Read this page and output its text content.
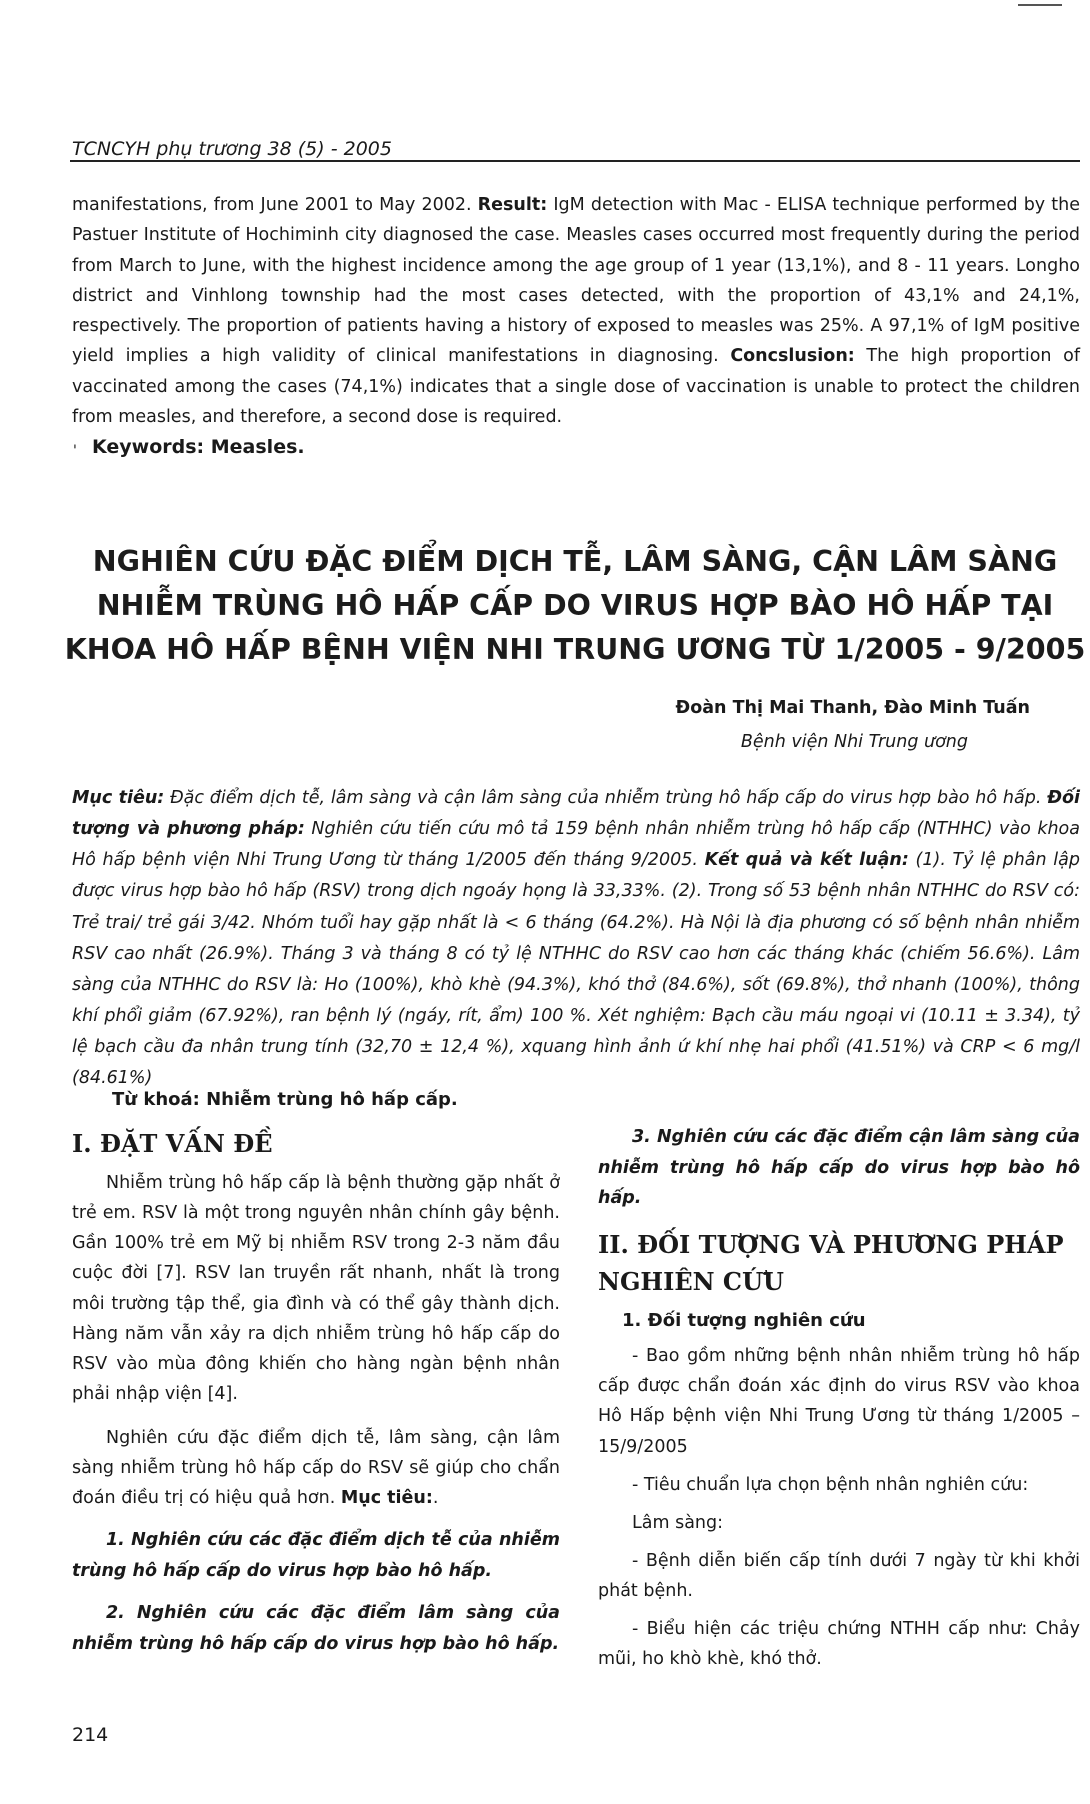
TCNCYH phụ trương 38 (5) - 2005
manifestations, from June 2001 to May 2002. Result: IgM detection with Mac - ELISA technique performed by the Pastuer Institute of Hochiminh city diagnosed the case. Measles cases occurred most frequently during the period from March to June, with the highest incidence among the age group of 1 year (13,1%), and 8 - 11 years. Longho district and Vinhlong township had the most cases detected, with the proportion of 43,1% and 24,1%, respectively. The proportion of patients having a history of exposed to measles was 25%. A 97,1% of IgM positive yield implies a high validity of clinical manifestations in diagnosing. Concslusion: The high proportion of vaccinated among the cases (74,1%) indicates that a single dose of vaccination is unable to protect the children from measles, and therefore, a second dose is required.
' Keywords: Measles.
NGHIÊN CỨU ĐẶC ĐIỂM DỊCH TỄ, LÂM SÀNG, CẬN LÂM SÀNG NHIỄM TRÙNG HÔ HẤP CẤP DO VIRUS HỢP BÀO HÔ HẤP TẠI KHOA HÔ HẤP BỆNH VIỆN NHI TRUNG ƯƠNG TỪ 1/2005 - 9/2005
Đoàn Thị Mai Thanh, Đào Minh Tuấn
Bệnh viện Nhi Trung ương
Mục tiêu: Đặc điểm dịch tễ, lâm sàng và cận lâm sàng của nhiễm trùng hô hấp cấp do virus hợp bào hô hấp. Đối tượng và phương pháp: Nghiên cứu tiến cứu mô tả 159 bệnh nhân nhiễm trùng hô hấp cấp (NTHHC) vào khoa Hô hấp bệnh viện Nhi Trung Ương từ tháng 1/2005 đến tháng 9/2005. Kết quả và kết luận: (1). Tỷ lệ phân lập được virus hợp bào hô hấp (RSV) trong dịch ngoáy họng là 33,33%. (2). Trong số 53 bệnh nhân NTHHC do RSV có: Trẻ trai/ trẻ gái 3/42. Nhóm tuổi hay gặp nhất là < 6 tháng (64.2%). Hà Nội là địa phương có số bệnh nhân nhiễm RSV cao nhất (26.9%). Tháng 3 và tháng 8 có tỷ lệ NTHHC do RSV cao hơn các tháng khác (chiếm 56.6%). Lâm sàng của NTHHC do RSV là: Ho (100%), khò khè (94.3%), khó thở (84.6%), sốt (69.8%), thở nhanh (100%), thông khí phổi giảm (67.92%), ran bệnh lý (ngáy, rít, ẩm) 100 %. Xét nghiệm: Bạch cầu máu ngoại vi (10.11 ± 3.34), tỷ lệ bạch cầu đa nhân trung tính (32,70 ± 12,4 %), xquang hình ảnh ứ khí nhẹ hai phổi (41.51%) và CRP < 6 mg/l (84.61%)
Từ khoá: Nhiễm trùng hô hấp cấp.
I. ĐẶT VẤN ĐỀ

Nhiễm trùng hô hấp cấp là bệnh thường gặp nhất ở trẻ em. RSV là một trong nguyên nhân chính gây bệnh. Gần 100% trẻ em Mỹ bị nhiễm RSV trong 2-3 năm đầu cuộc đời [7]. RSV lan truyền rất nhanh, nhất là trong môi trường tập thể, gia đình và có thể gây thành dịch. Hàng năm vẫn xảy ra dịch nhiễm trùng hô hấp cấp do RSV vào mùa đông khiến cho hàng ngàn bệnh nhân phải nhập viện [4].

Nghiên cứu đặc điểm dịch tễ, lâm sàng, cận lâm sàng nhiễm trùng hô hấp cấp do RSV sẽ giúp cho chẩn đoán điều trị có hiệu quả hơn. Mục tiêu:.

1. Nghiên cứu các đặc điểm dịch tễ của nhiễm trùng hô hấp cấp do virus hợp bào hô hấp.

2. Nghiên cứu các đặc điểm lâm sàng của nhiễm trùng hô hấp cấp do virus hợp bào hô hấp.

3. Nghiên cứu các đặc điểm cận lâm sàng của nhiễm trùng hô hấp cấp do virus hợp bào hô hấp.

II. ĐỐI TƯỢNG VÀ PHƯƠNG PHÁP NGHIÊN CỨU
1. Đối tượng nghiên cứu

- Bao gồm những bệnh nhân nhiễm trùng hô hấp cấp được chẩn đoán xác định do virus RSV vào khoa Hô Hấp bệnh viện Nhi Trung Ương từ tháng 1/2005 – 15/9/2005

- Tiêu chuẩn lựa chọn bệnh nhân nghiên cứu:

Lâm sàng:

- Bệnh diễn biến cấp tính dưới 7 ngày từ khi khởi phát bệnh.

- Biểu hiện các triệu chứng NTHH cấp như: Chảy mũi, ho khò khè, khó thở.

214
